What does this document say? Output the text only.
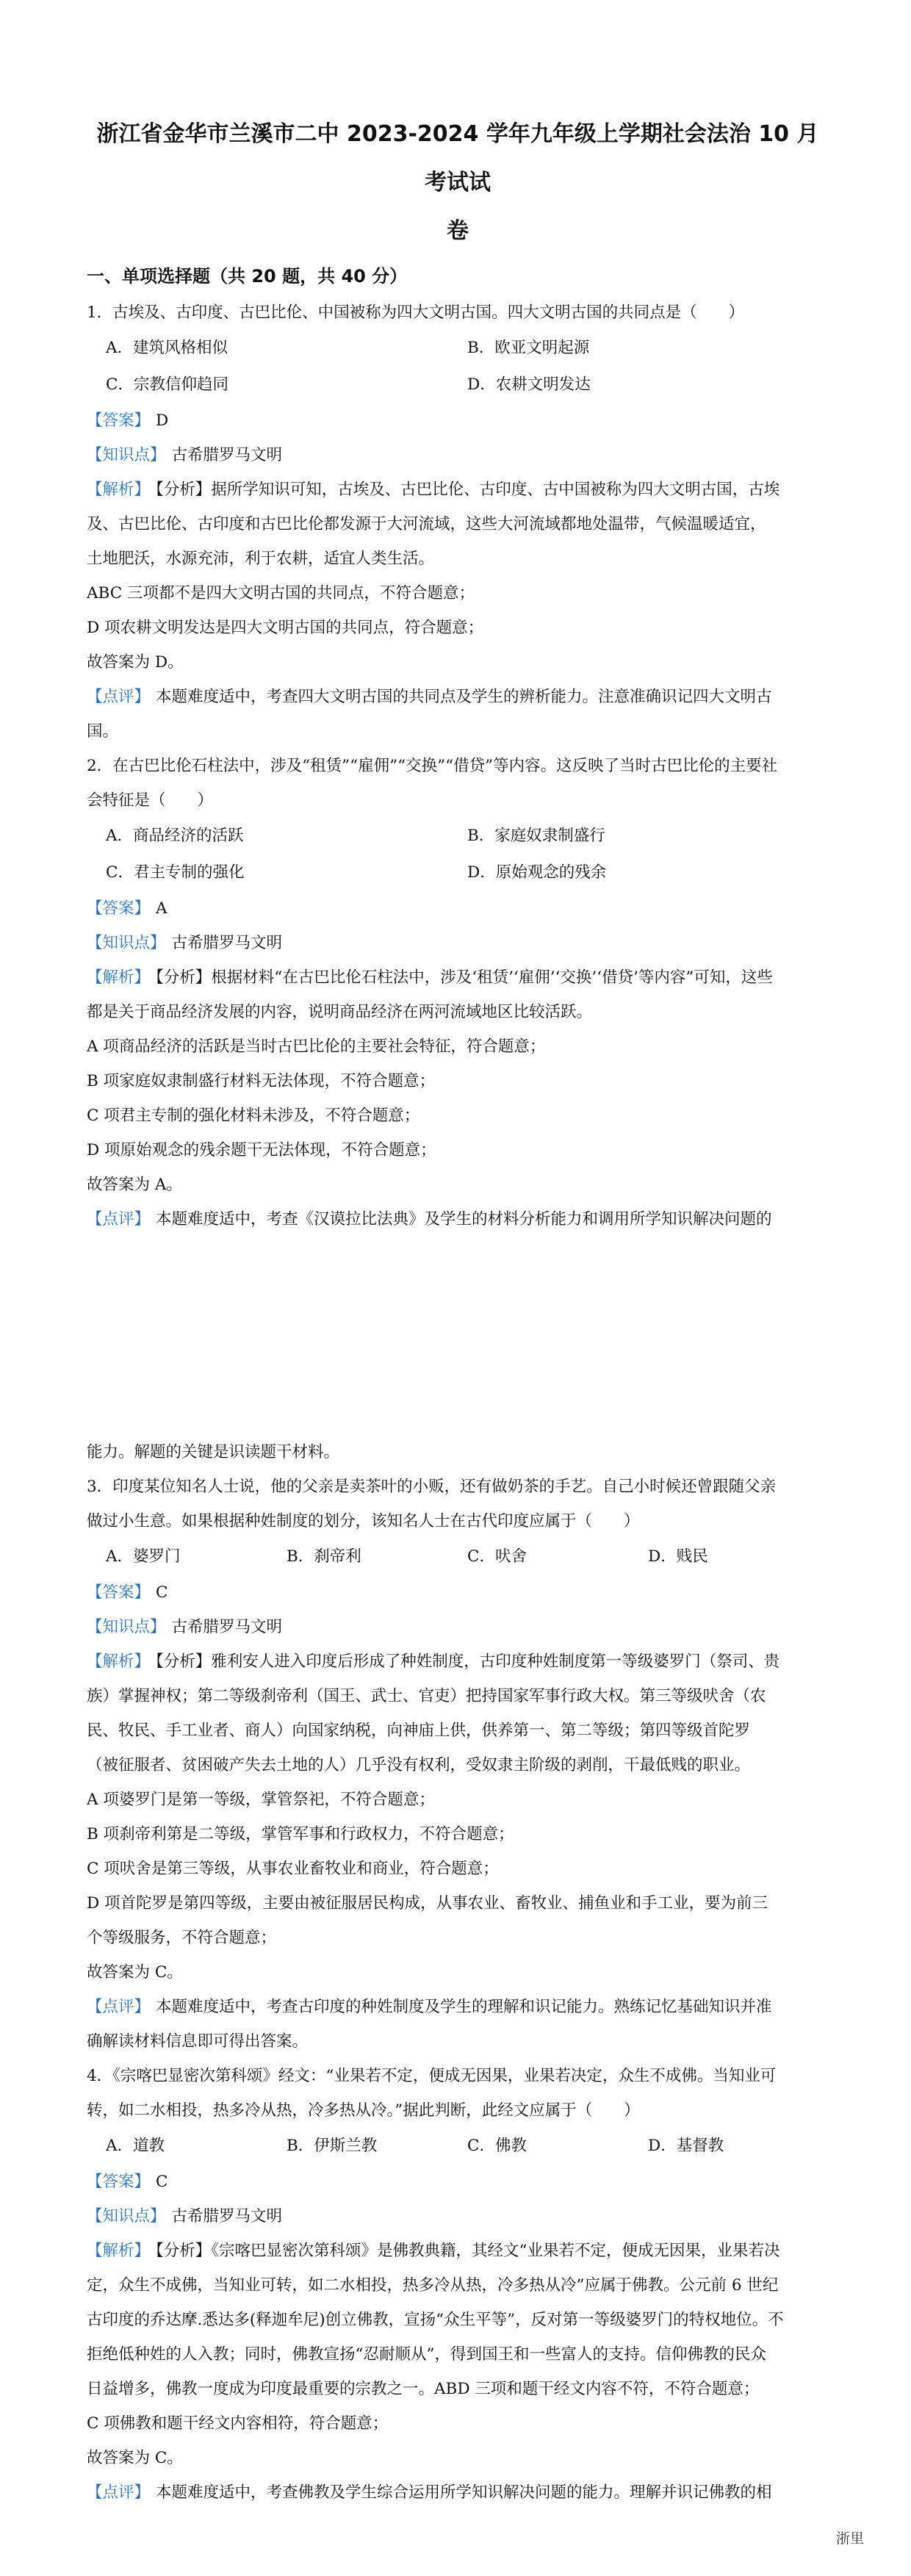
浙江省金华市兰溪市二中 2023-2024 学年九年级上学期社会法治 10 月考试试
卷
一、单项选择题（共 20 题，共 40 分）
1．古埃及、古印度、古巴比伦、中国被称为四大文明古国。四大文明古国的共同点是（　　）
A．建筑风格相似	B．欧亚文明起源
C．宗教信仰趋同	D．农耕文明发达
【答案】 D
【知识点】 古希腊罗马文明
【解析】 【分析】据所学知识可知，古埃及、古巴比伦、古印度、古中国被称为四大文明古国，古埃
及、古巴比伦、古印度和古巴比伦都发源于大河流域，这些大河流域都地处温带，气候温暖适宜，
土地肥沃，水源充沛，利于农耕，适宜人类生活。
ABC 三项都不是四大文明古国的共同点，不符合题意；
D 项农耕文明发达是四大文明古国的共同点，符合题意；
故答案为 D。
【点评】 本题难度适中，考查四大文明古国的共同点及学生的辨析能力。注意准确识记四大文明古
国。
2．在古巴比伦石柱法中，涉及“租赁”“雇佣”“交换”“借贷”等内容。这反映了当时古巴比伦的主要社
会特征是（　　）
A．商品经济的活跃	B．家庭奴隶制盛行
C．君主专制的强化	D．原始观念的残余
【答案】 A
【知识点】 古希腊罗马文明
【解析】 【分析】根据材料“在古巴比伦石柱法中，涉及‘租赁’‘雇佣’‘交换’‘借贷’等内容”可知，这些
都是关于商品经济发展的内容，说明商品经济在两河流域地区比较活跃。
A 项商品经济的活跃是当时古巴比伦的主要社会特征，符合题意；
B 项家庭奴隶制盛行材料无法体现，不符合题意；
C 项君主专制的强化材料未涉及，不符合题意；
D 项原始观念的残余题干无法体现，不符合题意；
故答案为 A。
【点评】 本题难度适中，考查《汉谟拉比法典》及学生的材料分析能力和调用所学知识解决问题的
能力。解题的关键是识读题干材料。
3．印度某位知名人士说，他的父亲是卖茶叶的小贩，还有做奶茶的手艺。自己小时候还曾跟随父亲
做过小生意。如果根据种姓制度的划分，该知名人士在古代印度应属于（　　）
A．婆罗门	B．刹帝利	C．吠舍	D．贱民
【答案】 C
【知识点】 古希腊罗马文明
【解析】 【分析】雅利安人进入印度后形成了种姓制度，古印度种姓制度第一等级婆罗门（祭司、贵
族）掌握神权；第二等级刹帝利（国王、武士、官吏）把持国家军事行政大权。第三等级吠舍（农
民、牧民、手工业者、商人）向国家纳税，向神庙上供，供养第一、第二等级；第四等级首陀罗
（被征服者、贫困破产失去土地的人）几乎没有权利，受奴隶主阶级的剥削，干最低贱的职业。
A 项婆罗门是第一等级，掌管祭祀，不符合题意；
B 项刹帝利第是二等级，掌管军事和行政权力，不符合题意；
C 项吠舍是第三等级，从事农业畜牧业和商业，符合题意；
D 项首陀罗是第四等级，主要由被征服居民构成，从事农业、畜牧业、捕鱼业和手工业，要为前三
个等级服务，不符合题意；
故答案为 C。
【点评】 本题难度适中，考查古印度的种姓制度及学生的理解和识记能力。熟练记忆基础知识并准
确解读材料信息即可得出答案。
4．《宗喀巴显密次第科颂》经文：“业果若不定，便成无因果，业果若决定，众生不成佛。当知业可
转，如二水相投，热多冷从热，冷多热从冷。”据此判断，此经文应属于（　　）
A．道教	B．伊斯兰教	C．佛教	D．基督教
【答案】 C
【知识点】 古希腊罗马文明
【解析】 【分析】《宗喀巴显密次第科颂》是佛教典籍，其经文“业果若不定，便成无因果，业果若决
定，众生不成佛，当知业可转，如二水相投，热多冷从热，冷多热从冷”应属于佛教。公元前 6 世纪
古印度的乔达摩.悉达多(释迦牟尼)创立佛教，宣扬“众生平等”，反对第一等级婆罗门的特权地位。不
拒绝低种姓的人入教；同时，佛教宣扬“忍耐顺从”，得到国王和一些富人的支持。信仰佛教的民众
日益增多，佛教一度成为印度最重要的宗教之一。ABD 三项和题干经文内容不符，不符合题意；
C 项佛教和题干经文内容相符，符合题意；
故答案为 C。
【点评】 本题难度适中，考查佛教及学生综合运用所学知识解决问题的能力。理解并识记佛教的相
浙里
